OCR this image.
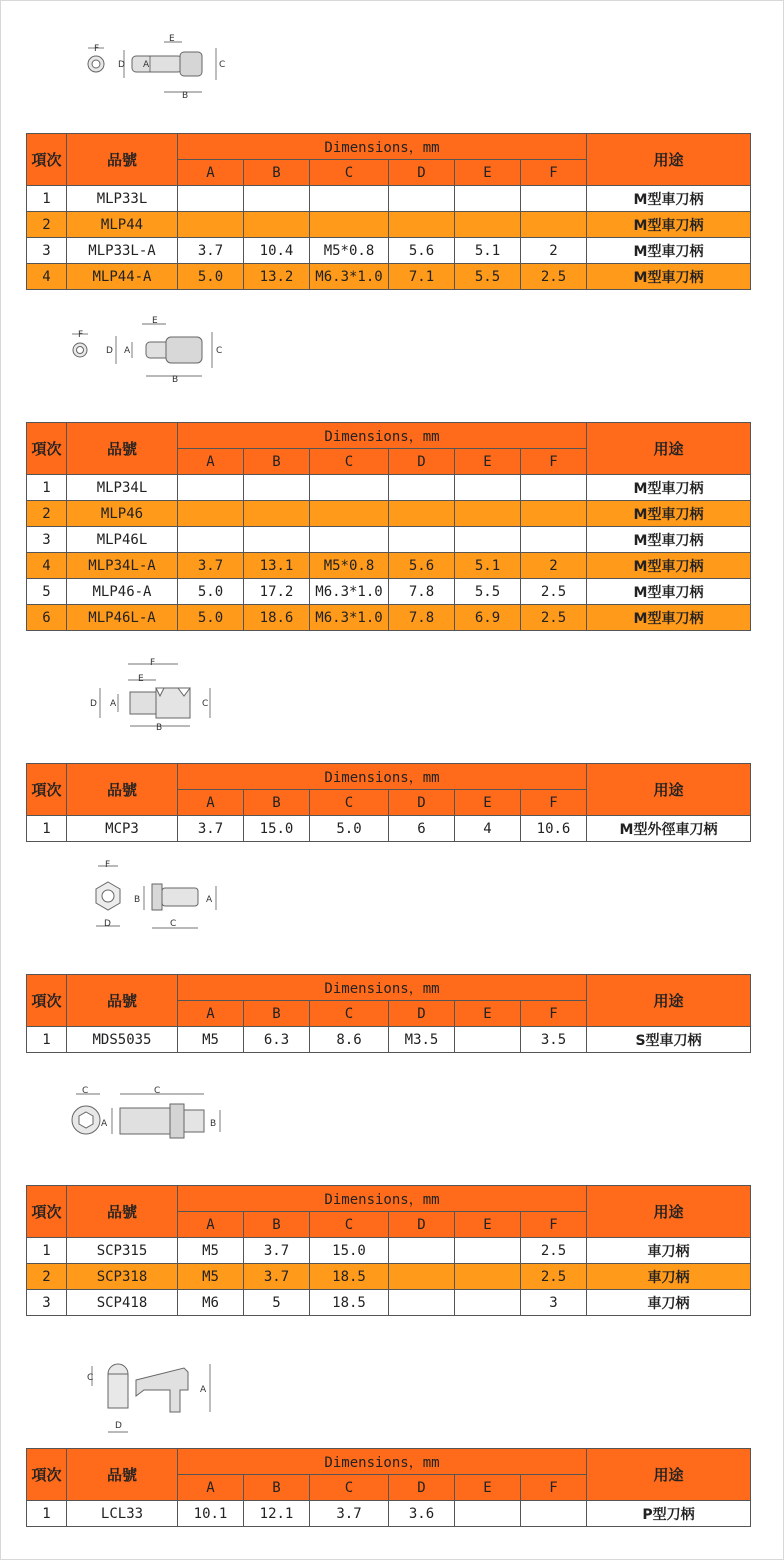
F
E
D A	C
B
項次	品號	Dimensions，mm						用途
		A	B	C	D	E	F	
1	MLP33L							M型車刀柄
2	MLP44							M型車刀柄
3	MLP33L-A	3.7	10.4	M5*0.8	5.6	5.1	2	M型車刀柄
4	MLP44-A	5.0	13.2	M6.3*1.0	7.1	5.5	2.5	M型車刀柄
F
E
D A	C
B
項次	品號	Dimensions，mm						用途
		A	B	C	D	E	F	
1	MLP34L							M型車刀柄
2	MLP46							M型車刀柄
3	MLP46L							M型車刀柄
4	MLP34L-A	3.7	13.1	M5*0.8	5.6	5.1	2	M型車刀柄
5	MLP46-A	5.0	17.2	M6.3*1.0	7.8	5.5	2.5	M型車刀柄
6	MLP46L-A	5.0	18.6	M6.3*1.0	7.8	6.9	2.5	M型車刀柄
F
E
D A	C
B
項次	品號	Dimensions，mm						用途
		A	B	C	D	E	F	
1	MCP3	3.7	15.0	5.0	6	4	10.6	M型外徑車刀柄
F
D
B	A
C
項次	品號	Dimensions，mm						用途
		A	B	C	D	E	F	
1	MDS5035	M5	6.3	8.6	M3.5		3.5	S型車刀柄
C
A
C
B
項次	品號	Dimensions，mm						用途
		A	B	C	D	E	F	
1	SCP315	M5	3.7	15.0			2.5	車刀柄
2	SCP318	M5	3.7	18.5			2.5	車刀柄
3	SCP418	M6	5	18.5			3	車刀柄
C
A
D
項次	品號	Dimensions，mm						用途
		A	B	C	D	E	F	
1	LCL33	10.1	12.1	3.7	3.6			P型刀柄
